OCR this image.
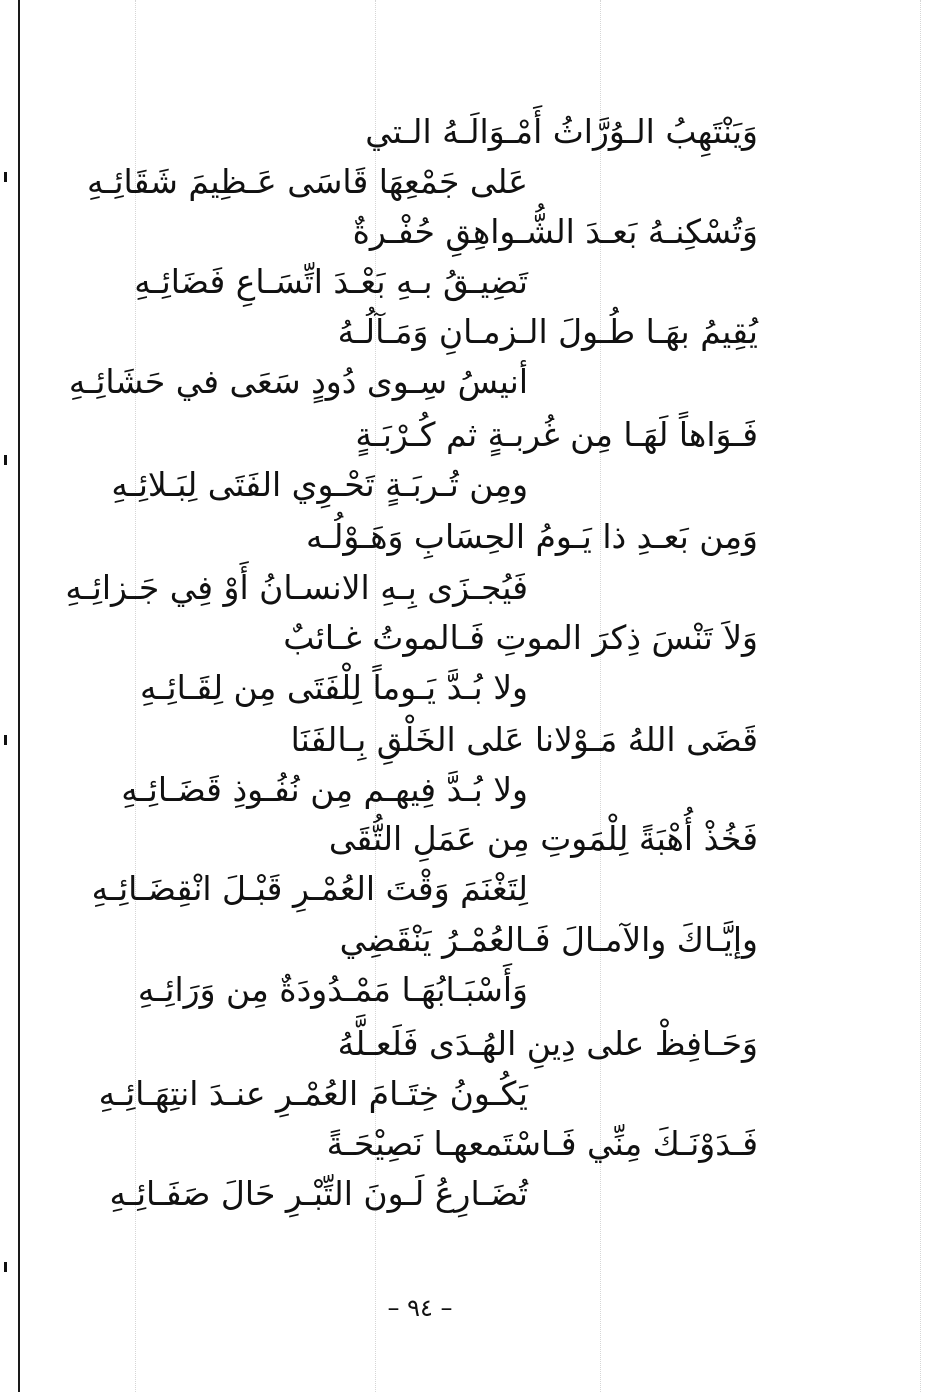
وَيَنْتَهِبُ الـوُرَّاثُ أَمْـوَالَـهُ الـتي
عَلى جَمْعِهَا قَاسَى عَـظِيمَ شَقَائِـهِ
وَتُسْكِنـهُ بَعـدَ الشُّـواهِقِ حُفْـرةٌ
تَضِيـقُ بـهِ بَعْـدَ اتِّسَـاعِ فَضَائِـهِ
يُقِيمُ بهَـا طُـولَ الـزمـانِ وَمَـآلُـهُ
أنيسُ سِـوى دُودٍ سَعَى في حَشَائِـهِ
فَـوَاهاً لَهَـا مِن غُربـةٍ ثم كُـرْبَـةٍ
ومِن تُـربَـةٍ تَحْـوِي الفَتَى لِبَـلائِـهِ
وَمِن بَعـدِ ذا يَـومُ الحِسَابِ وَهَـوْلُـه
فَيُجـزَى بِـهِ الانسـانُ أَوْ فِي جَـزائِـهِ
وَلاَ تَنْسَ ذِكرَ الموتِ فَـالموتُ غـائبٌ
ولا بُـدَّ يَـوماً لِلْفَتَى مِن لِقَـائِـهِ
قَضَى اللهُ مَـوْلانا عَلى الخَلْقِ بِـالفَنَا
ولا بُـدَّ فِيهـم مِن نُفُـوذِ قَضَـائِـهِ
فَخُذْ أُهْبَةً لِلْمَوتِ مِن عَمَلِ التُّقَى
لِتَغْنَمَ وَقْتَ العُمْـرِ قَبْـلَ انْقِضَـائِـهِ
وإيَّـاكَ والآمـالَ فَـالعُمْـرُ يَنْقَضِي
وَأَسْبَـابُهَـا مَمْـدُودَةٌ مِن وَرَائِـهِ
وَحَـافِظْ على دِينِ الهُـدَى فَلَعـلَّهُ
يَكُـونُ خِتَـامَ العُمْـرِ عنـدَ انتِهَـائِـهِ
فَـدَوْنَـكَ مِنِّي فَـاسْتَمعهـا نَصِيْحَـةً
تُضَـارِعُ لَـونَ التِّبْـرِ حَالَ صَفَـائِـهِ
– ٩٤ –
